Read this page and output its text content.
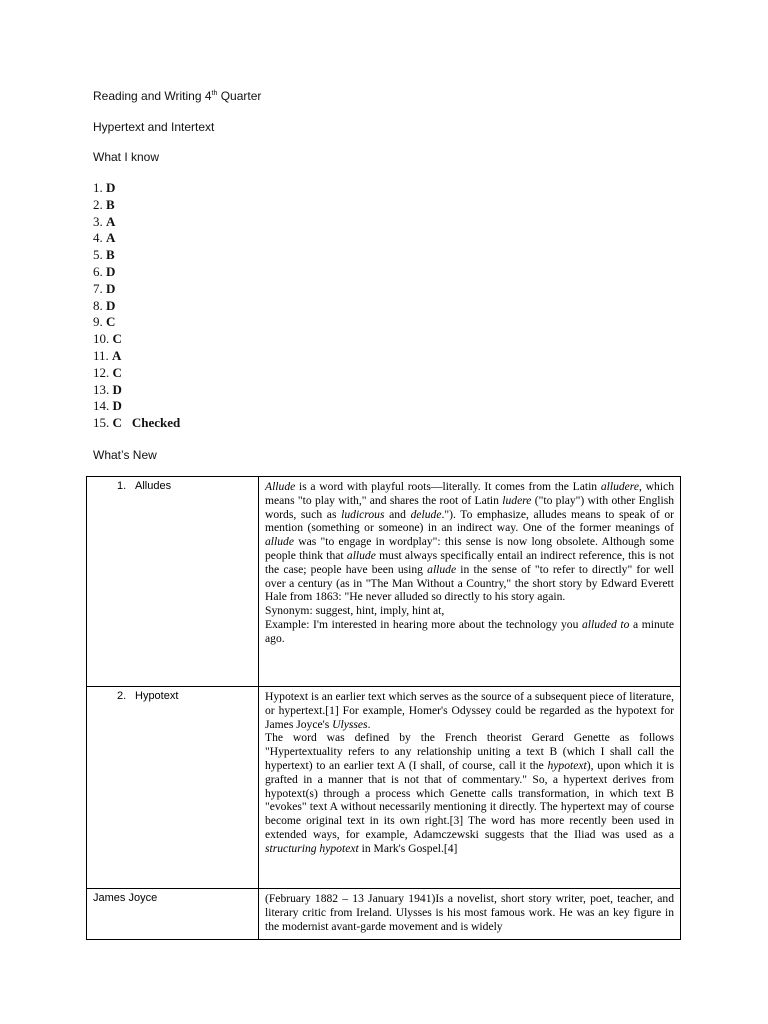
Reading and Writing 4th Quarter
Hypertext and Intertext
What I know
1. D
2. B
3. A
4. A
5. B
6. D
7. D
8. D
9. C
10. C
11. A
12. C
13. D
14. D
15. C Checked
What’s New
1. Alludes	Allude is a word with playful roots—literally. It comes from the Latin alludere, which means "to play with," and shares the root of Latin ludere ("to play") with other English words, such as ludicrous and delude."). To emphasize, alludes means to speak of or mention (something or someone) in an indirect way. One of the former meanings of allude was "to engage in wordplay": this sense is now long obsolete. Although some people think that allude must always specifically entail an indirect reference, this is not the case; people have been using allude in the sense of "to refer to directly" for well over a century (as in "The Man Without a Country," the short story by Edward Everett Hale from 1863: "He never alluded so directly to his story again.

Synonym: suggest, hint, imply, hint at,

Example: I'm interested in hearing more about the technology you alluded to a minute ago.

2. Hypotext	Hypotext is an earlier text which serves as the source of a subsequent piece of literature, or hypertext.[1] For example, Homer's Odyssey could be regarded as the hypotext for James Joyce's Ulysses.

The word was defined by the French theorist Gerard Genette as follows "Hypertextuality refers to any relationship uniting a text B (which I shall call the hypertext) to an earlier text A (I shall, of course, call it the hypotext), upon which it is grafted in a manner that is not that of commentary." So, a hypertext derives from hypotext(s) through a process which Genette calls transformation, in which text B "evokes" text A without necessarily mentioning it directly. The hypertext may of course become original text in its own right.[3] The word has more recently been used in extended ways, for example, Adamczewski suggests that the Iliad was used as a structuring hypotext in Mark's Gospel.[4]

James Joyce	(February 1882 – 13 January 1941)Is a novelist, short story writer, poet, teacher, and literary critic from Ireland. Ulysses is his most famous work. He was an key figure in the modernist avant-garde movement and is widely
